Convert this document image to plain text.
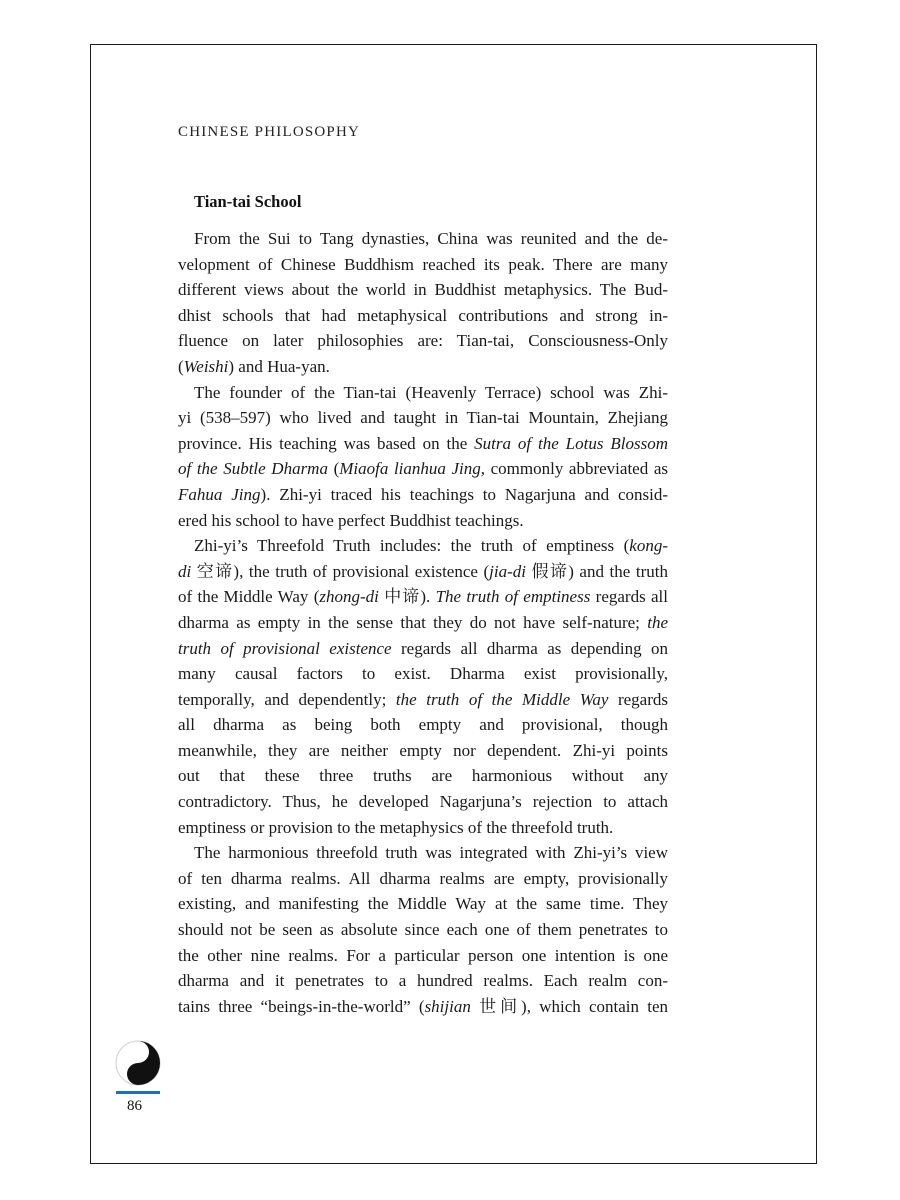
CHINESE PHILOSOPHY
Tian-tai School
From the Sui to Tang dynasties, China was reunited and the de-
velopment of Chinese Buddhism reached its peak. There are many
different views about the world in Buddhist metaphysics. The Bud-
dhist schools that had metaphysical contributions and strong in-
fluence on later philosophies are: Tian-tai, Consciousness-Only
(Weishi) and Hua-yan.
The founder of the Tian-tai (Heavenly Terrace) school was Zhi-
yi (538–597) who lived and taught in Tian-tai Mountain, Zhejiang
province. His teaching was based on the Sutra of the Lotus Blossom
of the Subtle Dharma (Miaofa lianhua Jing, commonly abbreviated as
Fahua Jing). Zhi-yi traced his teachings to Nagarjuna and consid-
ered his school to have perfect Buddhist teachings.
Zhi-yi’s Threefold Truth includes: the truth of emptiness (kong-
di 空谛), the truth of provisional existence (jia-di 假谛) and the truth
of the Middle Way (zhong-di 中谛). The truth of emptiness regards all
dharma as empty in the sense that they do not have self-nature; the
truth of provisional existence regards all dharma as depending on
many causal factors to exist. Dharma exist provisionally,
temporally, and dependently; the truth of the Middle Way regards
all dharma as being both empty and provisional, though
meanwhile, they are neither empty nor dependent. Zhi-yi points
out that these three truths are harmonious without any
contradictory. Thus, he developed Nagarjuna’s rejection to attach
emptiness or provision to the metaphysics of the threefold truth.
The harmonious threefold truth was integrated with Zhi-yi’s view
of ten dharma realms. All dharma realms are empty, provisionally
existing, and manifesting the Middle Way at the same time. They
should not be seen as absolute since each one of them penetrates to
the other nine realms. For a particular person one intention is one
dharma and it penetrates to a hundred realms. Each realm con-
tains three “beings-in-the-world” (shijian 世间), which contain ten
86
